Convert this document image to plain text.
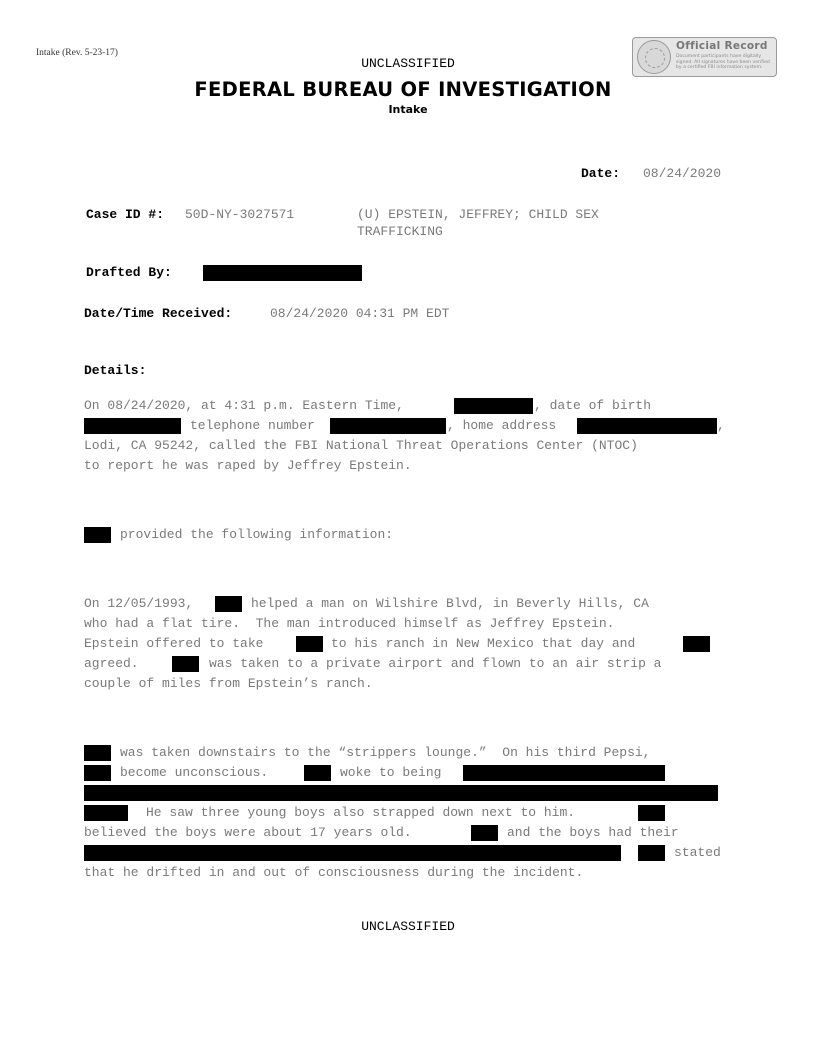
Intake (Rev. 5-23-17)
UNCLASSIFIED
Official Record
Document participants have digitally signed. All signatures have been verified by a certified FBI information system.
FEDERAL BUREAU OF INVESTIGATION
Intake
Date: 08/24/2020
Case ID #: 50D-NY-3027571	(U) EPSTEIN, JEFFREY; CHILD SEX
TRAFFICKING
Drafted By:
Date/Time Received:	08/24/2020 04:31 PM EDT
Details:
On 08/24/2020, at 4:31 p.m. Eastern Time,	, date of birth
telephone number	, home address	,
Lodi, CA 95242, called the FBI National Threat Operations Center (NTOC)
to report he was raped by Jeffrey Epstein.
provided the following information:
On 12/05/1993,	helped a man on Wilshire Blvd, in Beverly Hills, CA
who had a flat tire.  The man introduced himself as Jeffrey Epstein.
Epstein offered to take	to his ranch in New Mexico that day and
agreed.	was taken to a private airport and flown to an air strip a
couple of miles from Epstein’s ranch.
was taken downstairs to the “strippers lounge.”  On his third Pepsi,
become unconscious.	woke to being
He saw three young boys also strapped down next to him.
believed the boys were about 17 years old.	and the boys had their
stated
that he drifted in and out of consciousness during the incident.
UNCLASSIFIED
